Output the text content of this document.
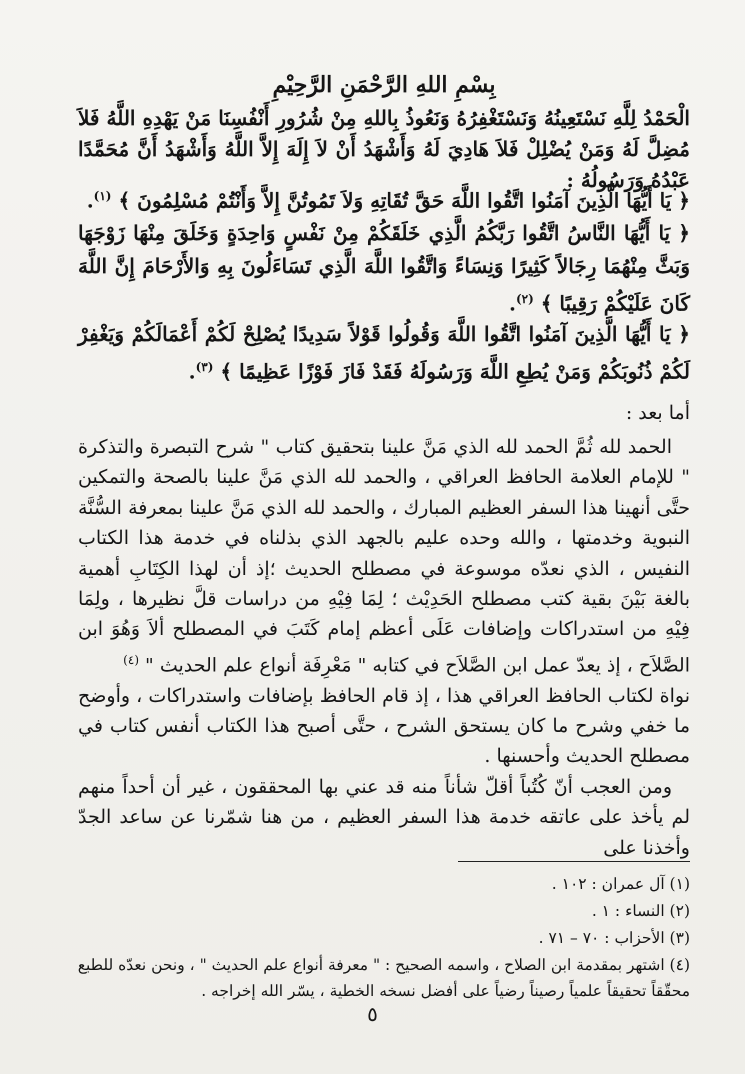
بِسْمِ اللهِ الرَّحْمَنِ الرَّحِيْمِ

الْحَمْدُ لِلَّهِ نَسْتَعِينُهُ وَنَسْتَغْفِرُهُ وَنَعُوذُ بِاللهِ مِنْ شُرُورِ أَنْفُسِنَا مَنْ يَهْدِهِ اللَّهُ فَلاَ مُضِلَّ لَهُ وَمَنْ يُضْلِلْ فَلاَ هَادِيَ لَهُ وَأَشْهَدُ أَنْ لاَ إِلَهَ إِلاَّ اللَّهُ وَأَشْهَدُ أَنَّ مُحَمَّدًا عَبْدُهُ وَرَسُولُهُ :

﴿ يَا أَيُّهَا الَّذِينَ آمَنُوا اتَّقُوا اللَّهَ حَقَّ تُقَاتِهِ وَلاَ تَمُوتُنَّ إِلاَّ وَأَنْتُمْ مُسْلِمُونَ ﴾ $^{(١)}$.
﴿ يَا أَيُّهَا النَّاسُ اتَّقُوا رَبَّكُمُ الَّذِي خَلَقَكُمْ مِنْ نَفْسٍ وَاحِدَةٍ وَخَلَقَ مِنْهَا زَوْجَهَا وَبَثَّ مِنْهُمَا رِجَالاً كَثِيرًا وَنِسَاءً وَاتَّقُوا اللَّهَ الَّذِي تَسَاءَلُونَ بِهِ وَالأَرْحَامَ إِنَّ اللَّهَ كَانَ عَلَيْكُمْ رَقِيبًا ﴾ $^{(٢)}$.
﴿ يَا أَيُّهَا الَّذِينَ آمَنُوا اتَّقُوا اللَّهَ وَقُولُوا قَوْلاً سَدِيدًا يُصْلِحْ لَكُمْ أَعْمَالَكُمْ وَيَغْفِرْ لَكُمْ ذُنُوبَكُمْ وَمَنْ يُطِعِ اللَّهَ وَرَسُولَهُ فَقَدْ فَازَ فَوْزًا عَظِيمًا ﴾ $^{(٣)}$.
أما بعد :

الحمد لله ثُمَّ الحمد لله الذي مَنَّ علينا بتحقيق كتاب " شرح التبصرة والتذكرة " للإمام العلامة الحافظ العراقي ، والحمد لله الذي مَنَّ علينا بالصحة والتمكين حتَّى أنهينا هذا السفر العظيم المبارك ، والحمد لله الذي مَنَّ علينا بمعرفة السُّنَّة النبوية وخدمتها ، والله وحده عليم بالجهد الذي بذلناه في خدمة هذا الكتاب النفيس ، الذي نعدّه موسوعة في مصطلح الحديث ؛إذ أن لهذا الكِتَابِ أهمية بالغة بَيْنَ بقية كتب مصطلح الحَدِيْث ؛ لِمَا فِيْهِ من دراسات قلَّ نظيرها ، ولِمَا فِيْهِ من استدراكات وإضافات عَلَى أعظم إمام كَتَبَ في المصطلح ألاَ وَهُوَ ابن الصَّلاَح ، إذ يعدّ عمل ابن الصَّلاَح في كتابه " مَعْرِفَة أنواع علم الحديث " $^{(٤)}$

نواة لكتاب الحافظ العراقي هذا ، إذ قام الحافظ بإضافات واستدراكات ، وأوضح ما خفي وشرح ما كان يستحق الشرح ، حتَّى أصبح هذا الكتاب أنفس كتاب في مصطلح الحديث وأحسنها .

ومن العجب أنّ كُتُباً أقلّ شأناً منه قد عني بها المحققون ، غير أن أحداً منهم لم يأخذ على عاتقه خدمة هذا السفر العظيم ، من هنا شمّرنا عن ساعد الجدّ وأخذنا على

(١) آل عمران : ١٠٢ .

(٢) النساء : ١ .

(٣) الأحزاب : ٧٠ – ٧١ .

(٤) اشتهر بمقدمة ابن الصلاح ، واسمه الصحيح : " معرفة أنواع علم الحديث " ، ونحن نعدّه للطبع محقّقاً تحقيقاً علمياً رصيناً رضياً على أفضل نسخه الخطية ، يسّر الله إخراجه .

٥
